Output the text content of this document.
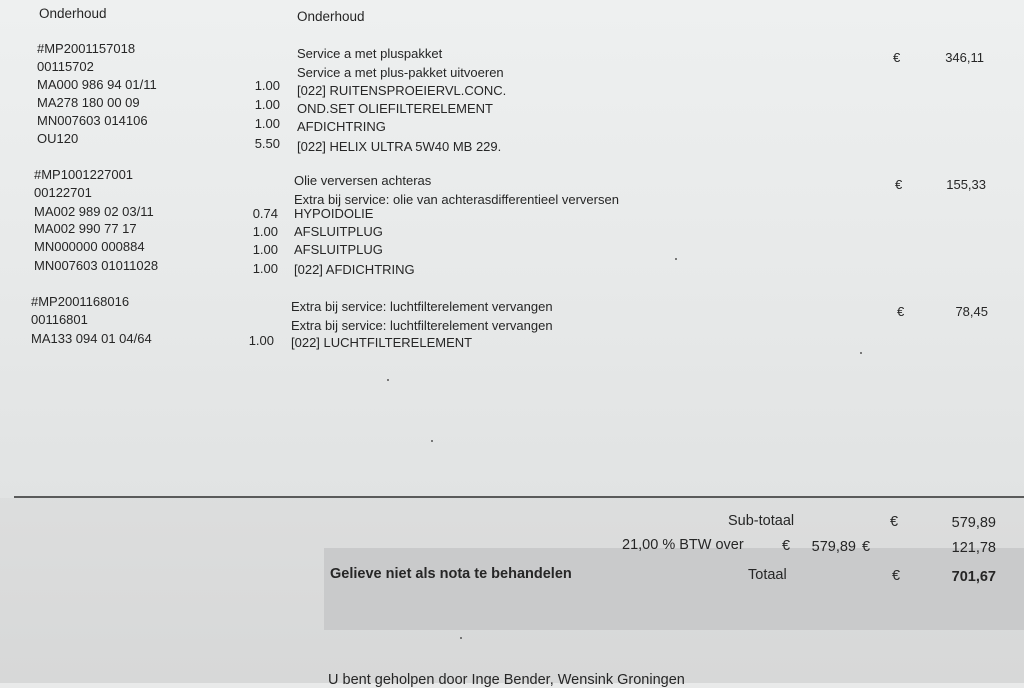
Onderhoud	Onderhoud
#MP2001157018
00115702
Service a met pluspakket
Service a met plus-pakket uitvoeren
MA000 986 94 01/11	1.00 [022] RUITENSPROEIERVL.CONC.
MA278 180 00 09	1.00 OND.SET OLIEFILTERELEMENT
MN007603 014106	1.00 AFDICHTRING
OU120	5.50 [022] HELIX ULTRA 5W40 MB 229.
€	346,11
#MP1001227001
00122701
Olie verversen achteras
Extra bij service: olie van achterasdifferentieel verversen
MA002 989 02 03/11	0.74 HYPOIDOLIE
MA002 990 77 17	1.00 AFSLUITPLUG
MN000000 000884	1.00 AFSLUITPLUG
MN007603 01011028	1.00 [022] AFDICHTRING
€	155,33
#MP2001168016
00116801
Extra bij service: luchtfilterelement vervangen
Extra bij service: luchtfilterelement vervangen
MA133 094 01 04/64	1.00 [022] LUCHTFILTERELEMENT
€	78,45
Sub-totaal	€	579,89
21,00 % BTW over	€	579,89 €	121,78
Gelieve niet als nota te behandelen	Totaal	€	701,67
U bent geholpen door Inge Bender, Wensink Groningen
